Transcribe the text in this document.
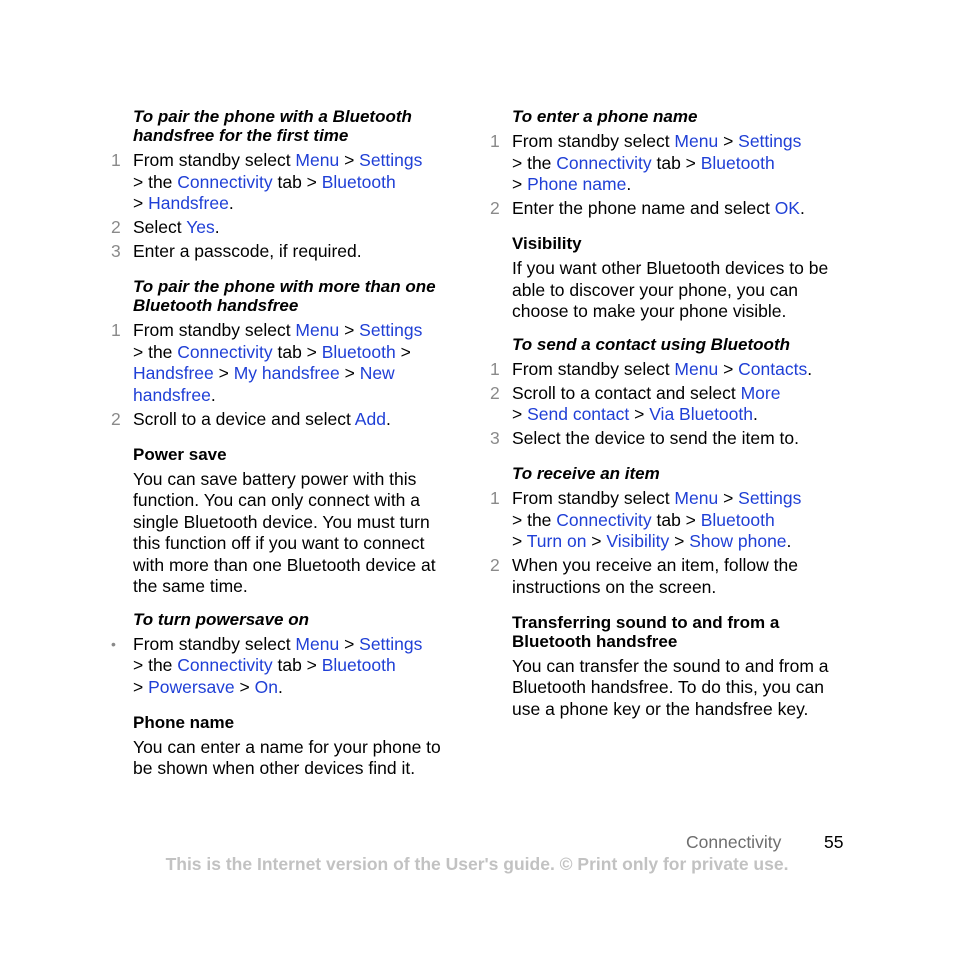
To pair the phone with a Bluetooth handsfree for the first time
1 From standby select Menu > Settings
> the Connectivity tab > Bluetooth
> Handsfree.
2 Select Yes.
3 Enter a passcode, if required.
To pair the phone with more than one Bluetooth handsfree
1 From standby select Menu > Settings
> the Connectivity tab > Bluetooth >
Handsfree > My handsfree > New handsfree.
2 Scroll to a device and select Add.
Power save
You can save battery power with this function. You can only connect with a single Bluetooth device. You must turn this function off if you want to connect with more than one Bluetooth device at the same time.
To turn powersave on
• From standby select Menu > Settings
> the Connectivity tab > Bluetooth
> Powersave > On.
Phone name
You can enter a name for your phone to be shown when other devices find it.
To enter a phone name
1 From standby select Menu > Settings
> the Connectivity tab > Bluetooth
> Phone name.
2 Enter the phone name and select OK.
Visibility
If you want other Bluetooth devices to be able to discover your phone, you can choose to make your phone visible.
To send a contact using Bluetooth
1 From standby select Menu > Contacts.
2 Scroll to a contact and select More
> Send contact > Via Bluetooth.
3 Select the device to send the item to.
To receive an item
1 From standby select Menu > Settings
> the Connectivity tab > Bluetooth
> Turn on > Visibility > Show phone.
2 When you receive an item, follow the instructions on the screen.
Transferring sound to and from a Bluetooth handsfree
You can transfer the sound to and from a Bluetooth handsfree. To do this, you can use a phone key or the handsfree key.
Connectivity 55
This is the Internet version of the User's guide. © Print only for private use.
